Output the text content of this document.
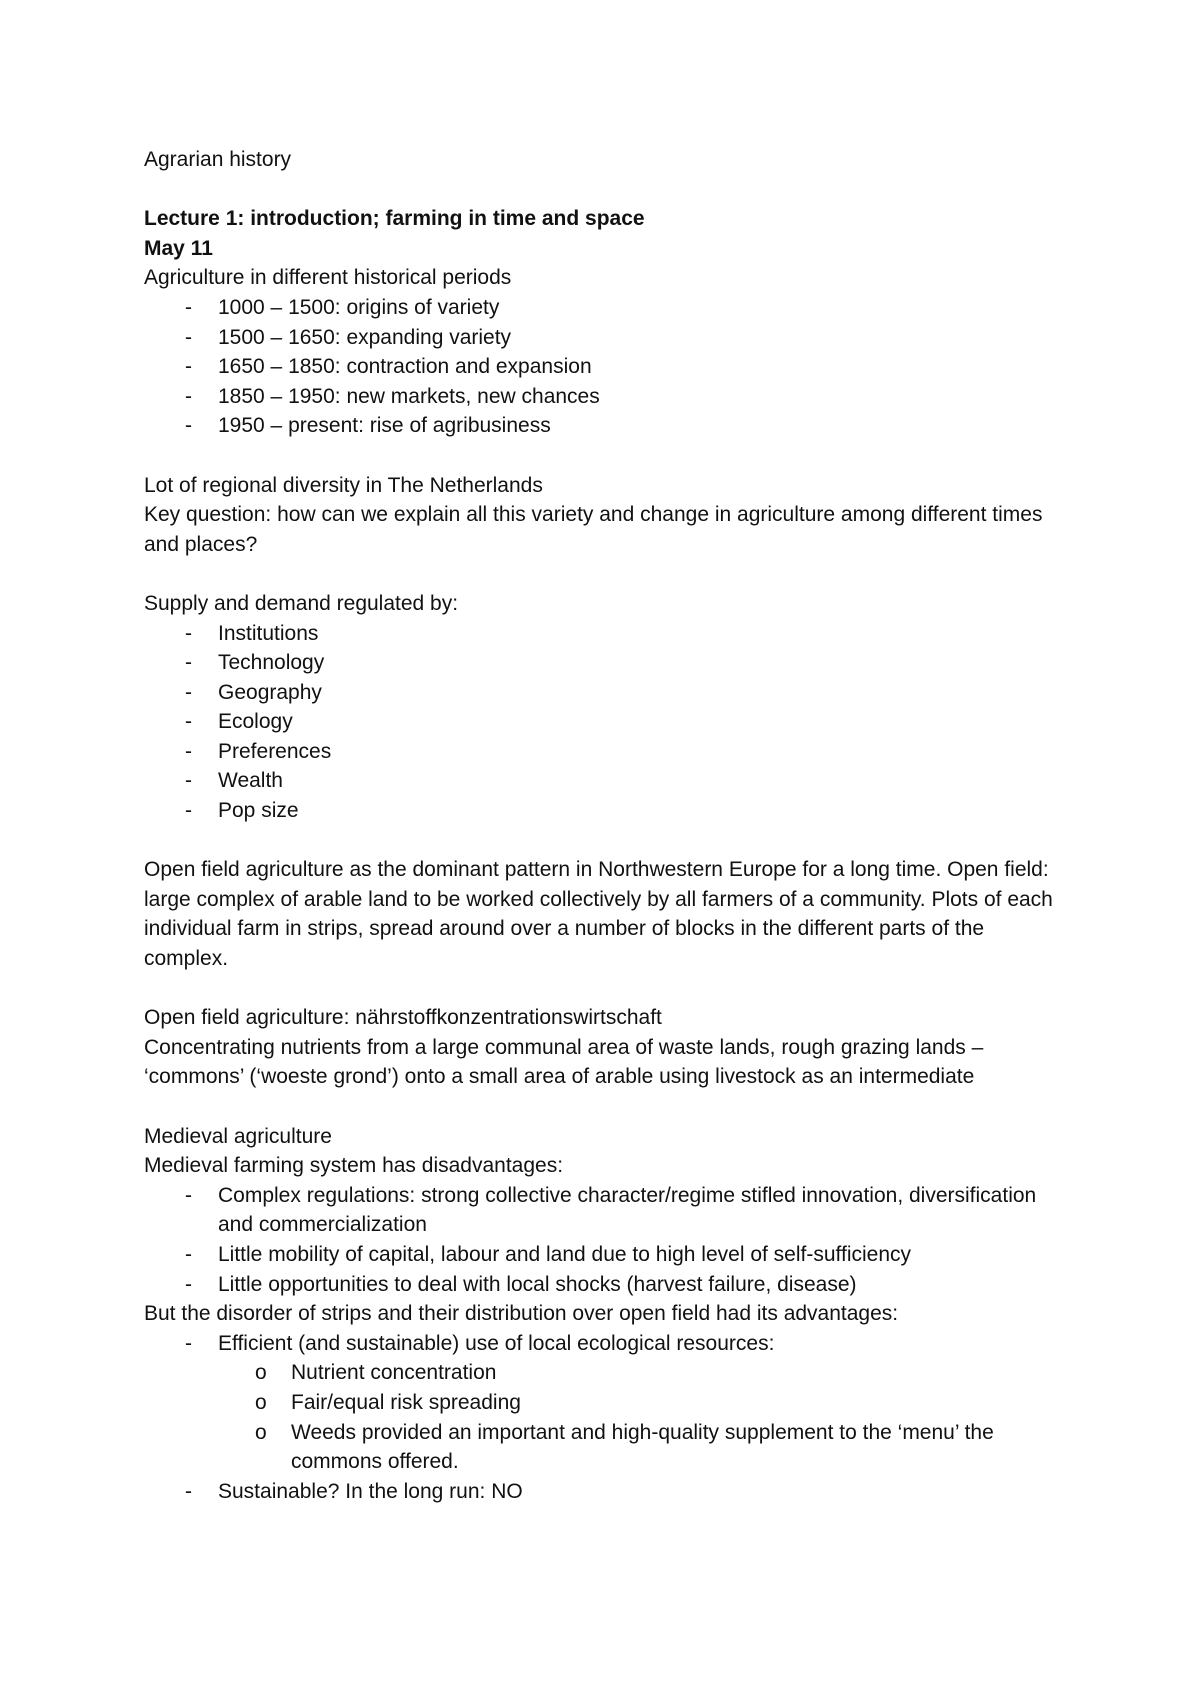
Agrarian history

Lecture 1: introduction; farming in time and space

May 11

Agriculture in different historical periods

- 1000 – 1500: origins of variety
- 1500 – 1650: expanding variety
- 1650 – 1850: contraction and expansion
- 1850 – 1950: new markets, new chances
- 1950 – present: rise of agribusiness

Lot of regional diversity in The Netherlands

Key question: how can we explain all this variety and change in agriculture among different times and places?

Supply and demand regulated by:

- Institutions
- Technology
- Geography
- Ecology
- Preferences
- Wealth
- Pop size

Open field agriculture as the dominant pattern in Northwestern Europe for a long time. Open field: large complex of arable land to be worked collectively by all farmers of a community. Plots of each individual farm in strips, spread around over a number of blocks in the different parts of the complex.

Open field agriculture: nährstoffkonzentrationswirtschaft

Concentrating nutrients from a large communal area of waste lands, rough grazing lands – ‘commons’ (‘woeste grond’) onto a small area of arable using livestock as an intermediate

Medieval agriculture

Medieval farming system has disadvantages:

- Complex regulations: strong collective character/regime stifled innovation, diversification and commercialization
- Little mobility of capital, labour and land due to high level of self-sufficiency
- Little opportunities to deal with local shocks (harvest failure, disease)

But the disorder of strips and their distribution over open field had its advantages:

- Efficient (and sustainable) use of local ecological resources:
o Nutrient concentration
o Fair/equal risk spreading
o Weeds provided an important and high-quality supplement to the ‘menu’ the commons offered.
- Sustainable? In the long run: NO
